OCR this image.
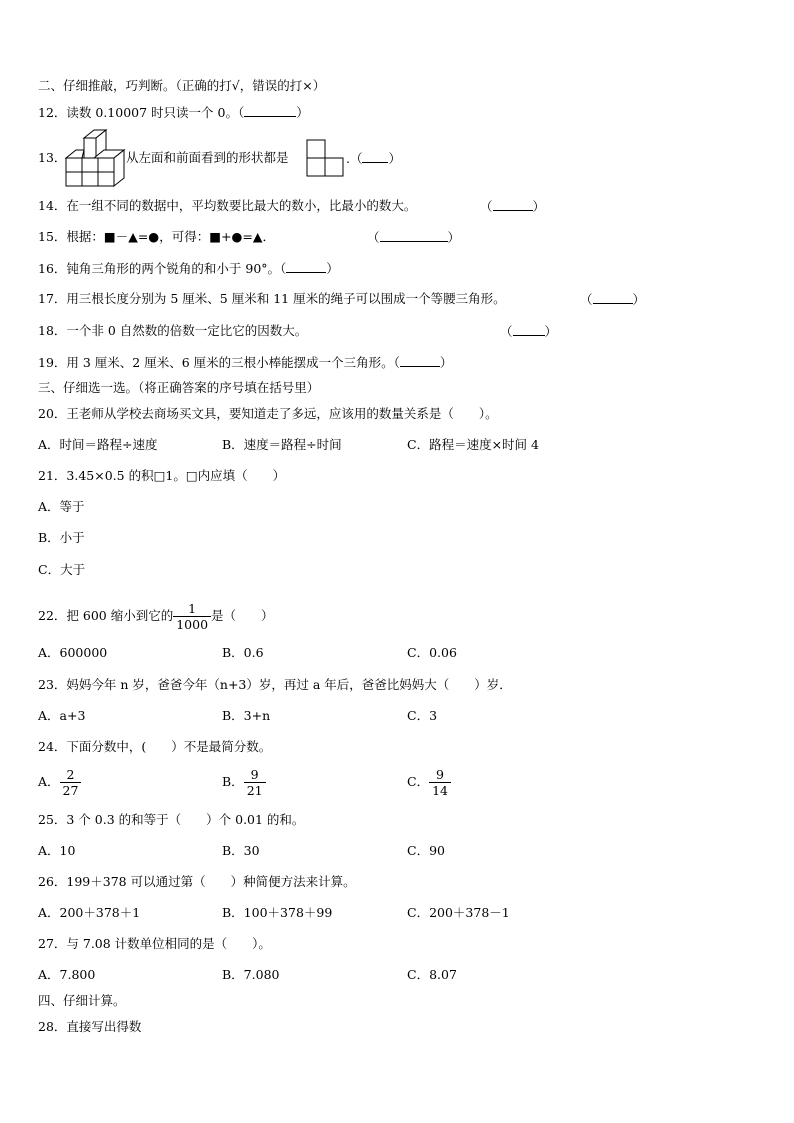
二、仔细推敲，巧判断。（正确的打√，错误的打×）
12．读数 0.10007 时只读一个 0。（	）
13．	从左面和前面看到的形状都是	.（ ）
14．在一组不同的数据中，平均数要比最大的数小，比最小的数大。	（	）
15．根据：■－▲=●，可得：■+●=▲．	（	）
16．钝角三角形的两个锐角的和小于 90°。（	）
17．用三根长度分别为 5 厘米、5 厘米和 11 厘米的绳子可以围成一个等腰三角形。	（	）
18．一个非 0 自然数的倍数一定比它的因数大。	（	）
19．用 3 厘米、2 厘米、6 厘米的三根小棒能摆成一个三角形。（	）
三、仔细选一选。（将正确答案的序号填在括号里）
20．王老师从学校去商场买文具，要知道走了多远，应该用的数量关系是（　　）。
A．时间＝路程÷速度	B．速度＝路程÷时间	C．路程＝速度×时间 4
21．3.45×0.5 的积□1。□内应填（　　）
A．等于
B．小于
C．大于
22．把 600 缩小到它的 $\frac{1}{1000}$ 是（　　）
A．600000	B．0.6	C．0.06
23．妈妈今年 n 岁，爸爸今年（n+3）岁，再过 a 年后，爸爸比妈妈大（　　）岁．
A．a+3	B．3+n	C．3
24．下面分数中，(　　）不是最简分数。
A． $\frac{2}{27}$	B． $\frac{9}{21}$	C． $\frac{9}{14}$
25．3 个 0.3 的和等于（　　）个 0.01 的和。
A．10	B．30	C．90
26．199＋378 可以通过第（　　）种简便方法来计算。
A．200＋378＋1	B．100＋378＋99	C．200＋378－1
27．与 7.08 计数单位相同的是（　　）。
A．7.800	B．7.080	C．8.07
四、仔细计算。
28．直接写出得数
